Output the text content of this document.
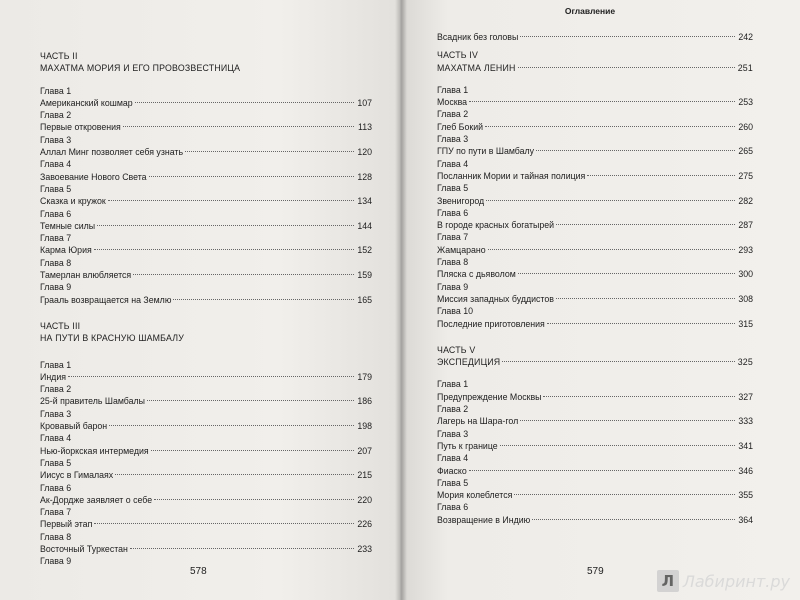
Оглавление
ЧАСТЬ II
МАХАТМА МОРИЯ И ЕГО ПРОВОЗВЕСТНИЦА
Глава 1
Американский кошмар	107
Глава 2
Первые откровения	113
Глава 3
Аллал Минг позволяет себя узнать	120
Глава 4
Завоевание Нового Света	128
Глава 5
Сказка и кружок	134
Глава 6
Темные силы	144
Глава 7
Карма Юрия	152
Глава 8
Тамерлан влюбляется	159
Глава 9
Грааль возвращается на Землю	165
ЧАСТЬ III
НА ПУТИ В КРАСНУЮ ШАМБАЛУ
Глава 1
Индия	179
Глава 2
25-й правитель Шамбалы	186
Глава 3
Кровавый барон	198
Глава 4
Нью-йоркская интермедия	207
Глава 5
Иисус в Гималаях	215
Глава 6
Ак-Дордже заявляет о себе	220
Глава 7
Первый этап	226
Глава 8
Восточный Туркестан	233
Глава 9
Всадник без головы	242
ЧАСТЬ IV
МАХАТМА ЛЕНИН	251
Глава 1
Москва	253
Глава 2
Глеб Бокий	260
Глава 3
ГПУ по пути в Шамбалу	265
Глава 4
Посланник Мории и тайная полиция	275
Глава 5
Звенигород	282
Глава 6
В городе красных богатырей	287
Глава 7
Жамцарано	293
Глава 8
Пляска с дьяволом	300
Глава 9
Миссия западных буддистов	308
Глава 10
Последние приготовления	315
ЧАСТЬ V
ЭКСПЕДИЦИЯ	325
Глава 1
Предупреждение Москвы	327
Глава 2
Лагерь на Шара-гол	333
Глава 3
Путь к границе	341
Глава 4
Фиаско	346
Глава 5
Мория колеблется	355
Глава 6
Возвращение в Индию	364
578	579
Л Лабиринт.ру
